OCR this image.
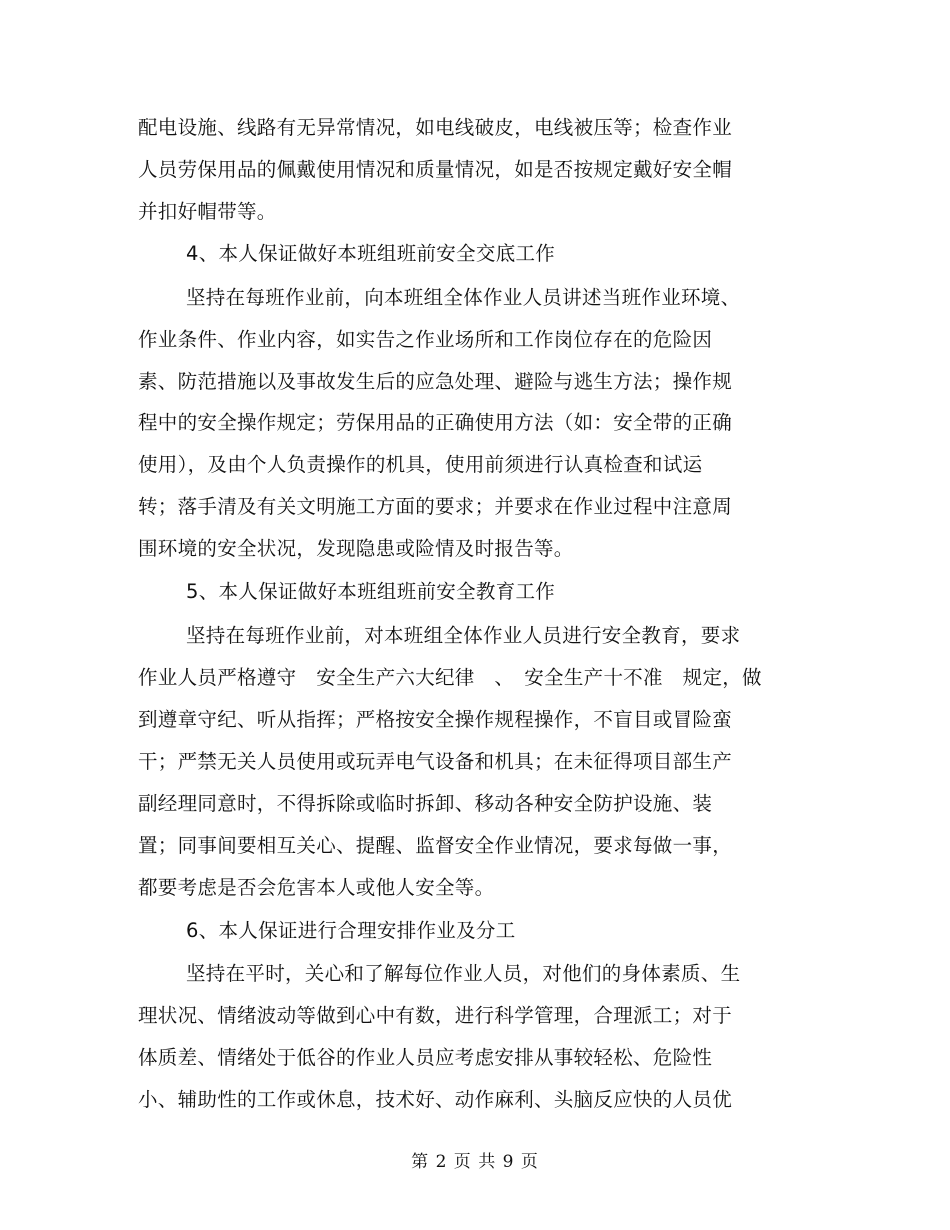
配电设施、线路有无异常情况，如电线破皮，电线被压等；检查作业
人员劳保用品的佩戴使用情况和质量情况，如是否按规定戴好安全帽
并扣好帽带等。
4、本人保证做好本班组班前安全交底工作
坚持在每班作业前，向本班组全体作业人员讲述当班作业环境、
作业条件、作业内容，如实告之作业场所和工作岗位存在的危险因
素、防范措施以及事故发生后的应急处理、避险与逃生方法；操作规
程中的安全操作规定；劳保用品的正确使用方法（如：安全带的正确
使用），及由个人负责操作的机具，使用前须进行认真检查和试运
转；落手清及有关文明施工方面的要求；并要求在作业过程中注意周
围环境的安全状况，发现隐患或险情及时报告等。
5、本人保证做好本班组班前安全教育工作
坚持在每班作业前，对本班组全体作业人员进行安全教育，要求
作业人员严格遵守　安全生产六大纪律　、　安全生产十不准　规定，做
到遵章守纪、听从指挥；严格按安全操作规程操作，不盲目或冒险蛮
干；严禁无关人员使用或玩弄电气设备和机具；在未征得项目部生产
副经理同意时，不得拆除或临时拆卸、移动各种安全防护设施、装
置；同事间要相互关心、提醒、监督安全作业情况，要求每做一事，
都要考虑是否会危害本人或他人安全等。
6、本人保证进行合理安排作业及分工
坚持在平时，关心和了解每位作业人员，对他们的身体素质、生
理状况、情绪波动等做到心中有数，进行科学管理，合理派工；对于
体质差、情绪处于低谷的作业人员应考虑安排从事较轻松、危险性
小、辅助性的工作或休息，技术好、动作麻利、头脑反应快的人员优
第 2 页 共 9 页
